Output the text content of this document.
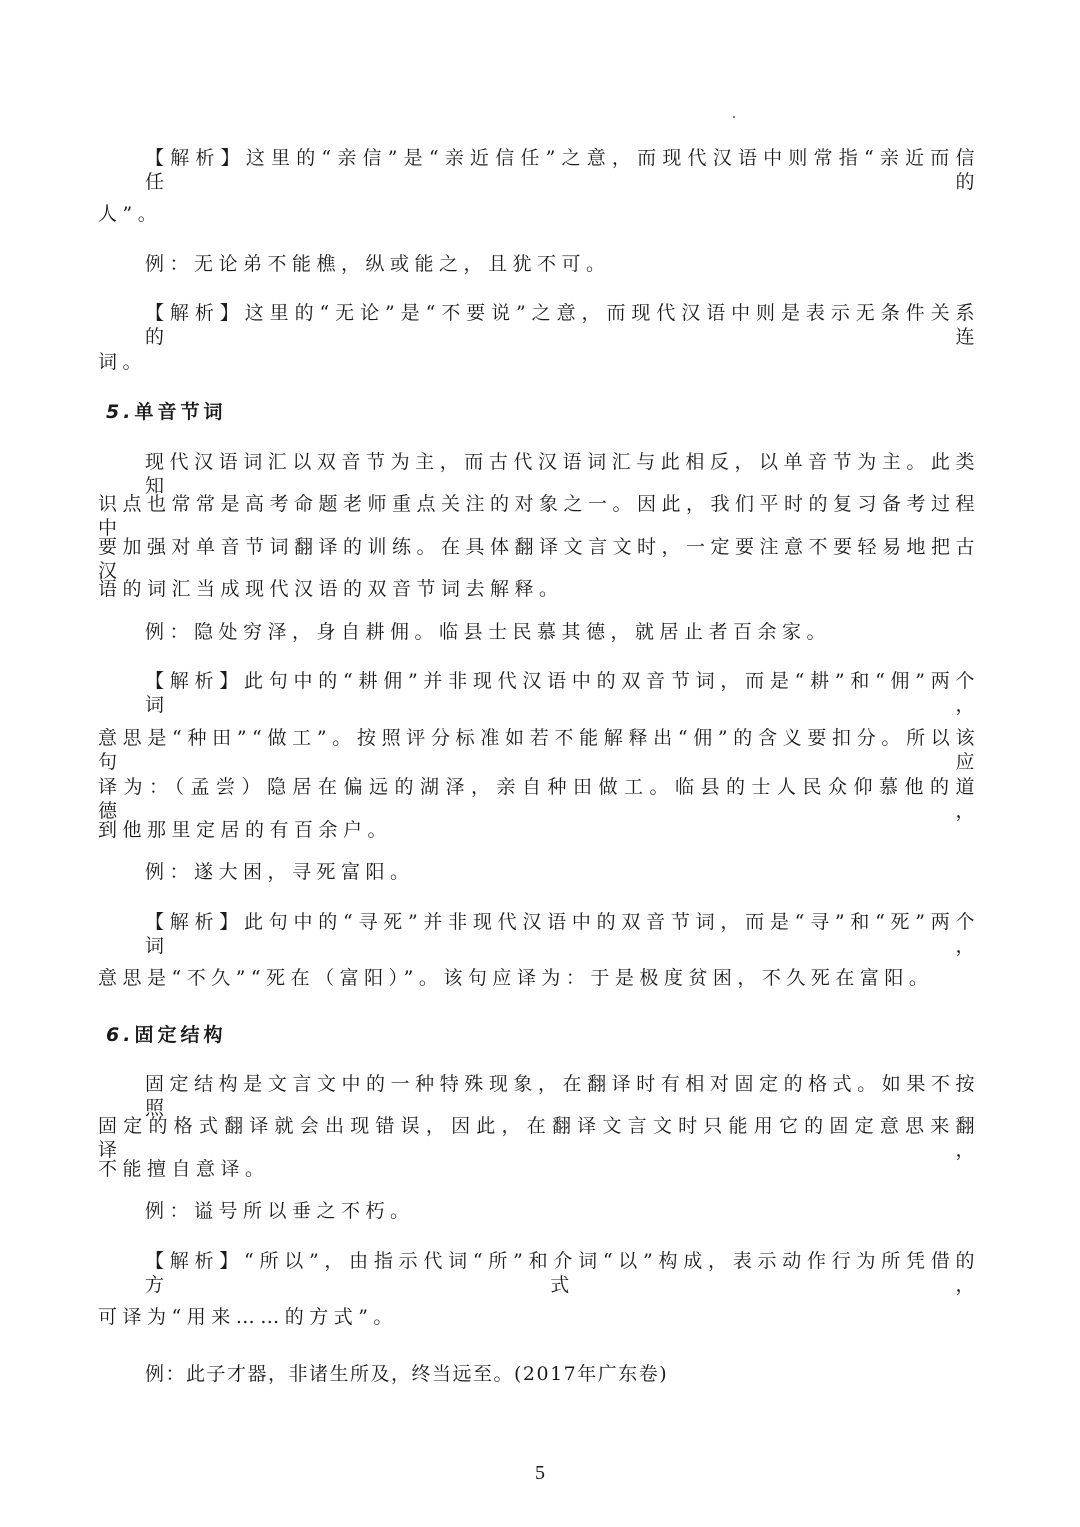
【解析】这里的“亲信”是“亲近信任”之意，而现代汉语中则常指“亲近而信任的
人”。
例：无论弟不能樵，纵或能之，且犹不可。
【解析】这里的“无论”是“不要说”之意，而现代汉语中则是表示无条件关系的连
词。
5.单音节词
现代汉语词汇以双音节为主，而古代汉语词汇与此相反，以单音节为主。此类知
识点也常常是高考命题老师重点关注的对象之一。因此，我们平时的复习备考过程中
要加强对单音节词翻译的训练。在具体翻译文言文时，一定要注意不要轻易地把古汉
语的词汇当成现代汉语的双音节词去解释。
例：隐处穷泽，身自耕佣。临县士民慕其德，就居止者百余家。
【解析】此句中的“耕佣”并非现代汉语中的双音节词，而是“耕”和“佣”两个词，
意思是“种田”“做工”。按照评分标准如若不能解释出“佣”的含义要扣分。所以该句应
译为：（孟尝）隐居在偏远的湖泽，亲自种田做工。临县的士人民众仰慕他的道德，
到他那里定居的有百余户。
例：遂大困，寻死富阳。
【解析】此句中的“寻死”并非现代汉语中的双音节词，而是“寻”和“死”两个词，
意思是“不久”“死在（富阳）”。该句应译为：于是极度贫困，不久死在富阳。
6.固定结构
固定结构是文言文中的一种特殊现象，在翻译时有相对固定的格式。如果不按照
固定的格式翻译就会出现错误，因此，在翻译文言文时只能用它的固定意思来翻译，
不能擅自意译。
例：谥号所以垂之不朽。
【解析】“所以”，由指示代词“所”和介词“以”构成，表示动作行为所凭借的方式，
可译为“用来……的方式”。
例：此子才器，非诸生所及，终当远至。(2017年广东卷)
5
